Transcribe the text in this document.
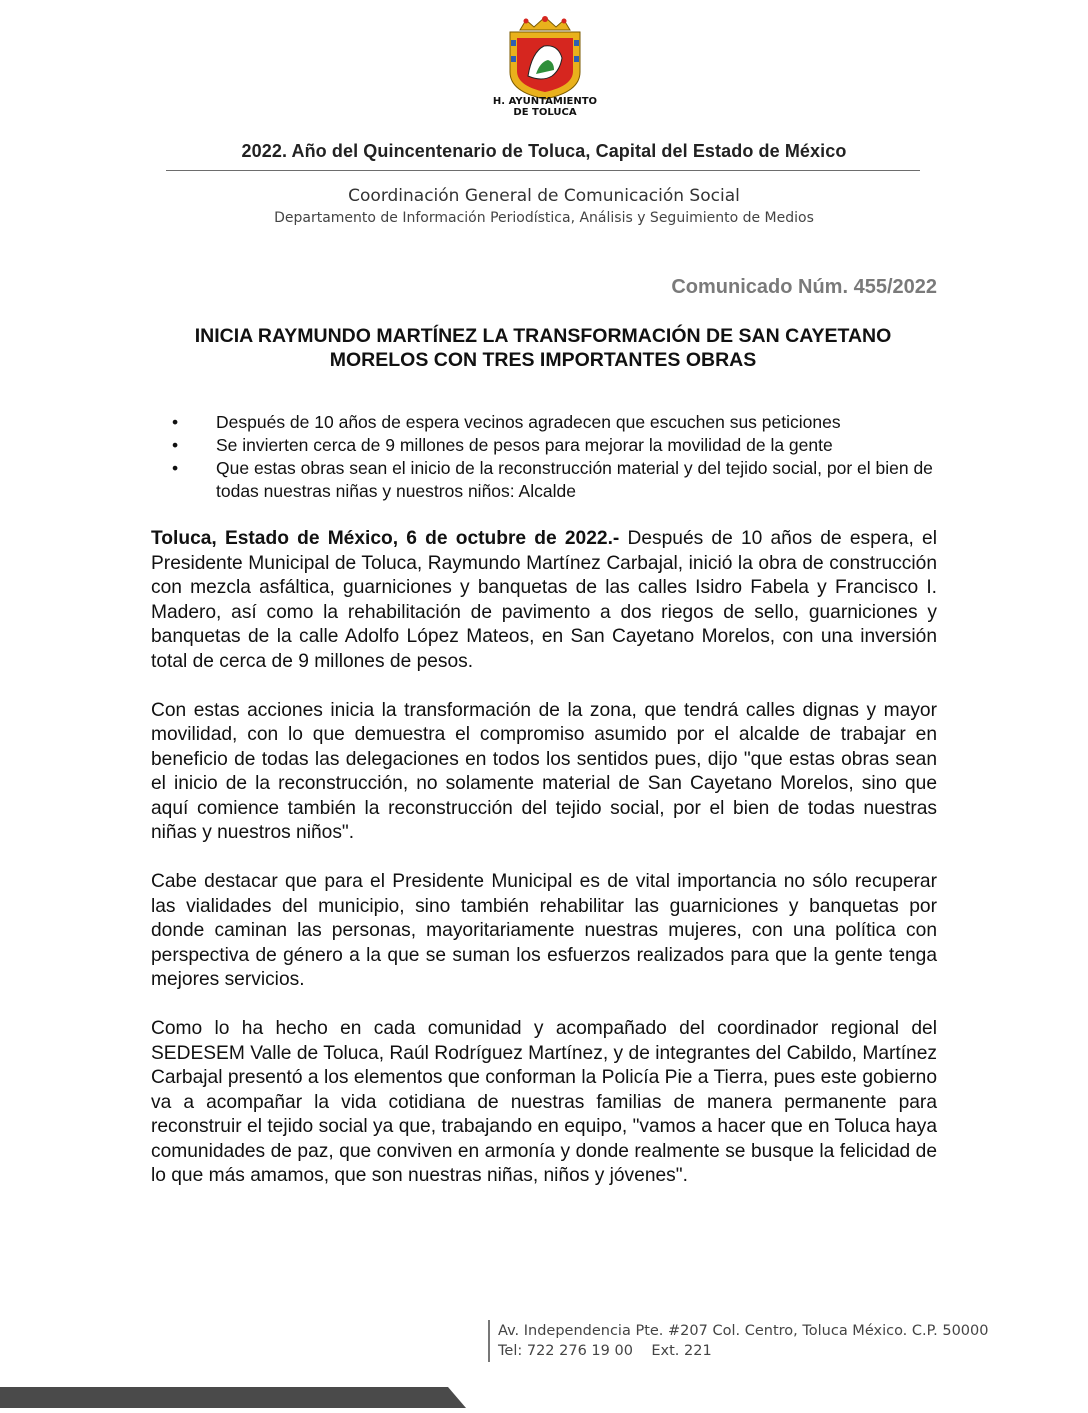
H. AYUNTAMIENTO
DE TOLUCA
2022. Año del Quincentenario de Toluca, Capital del Estado de México
Coordinación General de Comunicación Social
Departamento de Información Periodística, Análisis y Seguimiento de Medios
Comunicado Núm. 455/2022
INICIA RAYMUNDO MARTÍNEZ LA TRANSFORMACIÓN DE SAN CAYETANO
MORELOS CON TRES IMPORTANTES OBRAS
• Después de 10 años de espera vecinos agradecen que escuchen sus peticiones
• Se invierten cerca de 9 millones de pesos para mejorar la movilidad de la gente
• Que estas obras sean el inicio de la reconstrucción material y del tejido social, por el bien de todas nuestras niñas y nuestros niños: Alcalde

Toluca, Estado de México, 6 de octubre de 2022.- Después de 10 años de espera, el Presidente Municipal de Toluca, Raymundo Martínez Carbajal, inició la obra de construcción con mezcla asfáltica, guarniciones y banquetas de las calles Isidro Fabela y Francisco I. Madero, así como la rehabilitación de pavimento a dos riegos de sello, guarniciones y banquetas de la calle Adolfo López Mateos, en San Cayetano Morelos, con una inversión total de cerca de 9 millones de pesos.

Con estas acciones inicia la transformación de la zona, que tendrá calles dignas y mayor movilidad, con lo que demuestra el compromiso asumido por el alcalde de trabajar en beneficio de todas las delegaciones en todos los sentidos pues, dijo "que estas obras sean el inicio de la reconstrucción, no solamente material de San Cayetano Morelos, sino que aquí comience también la reconstrucción del tejido social, por el bien de todas nuestras niñas y nuestros niños".

Cabe destacar que para el Presidente Municipal es de vital importancia no sólo recuperar las vialidades del municipio, sino también rehabilitar las guarniciones y banquetas por donde caminan las personas, mayoritariamente nuestras mujeres, con una política con perspectiva de género a la que se suman los esfuerzos realizados para que la gente tenga mejores servicios.

Como lo ha hecho en cada comunidad y acompañado del coordinador regional del SEDESEM Valle de Toluca, Raúl Rodríguez Martínez, y de integrantes del Cabildo, Martínez Carbajal presentó a los elementos que conforman la Policía Pie a Tierra, pues este gobierno va a acompañar la vida cotidiana de nuestras familias de manera permanente para reconstruir el tejido social ya que, trabajando en equipo, "vamos a hacer que en Toluca haya comunidades de paz, que conviven en armonía y donde realmente se busque la felicidad de lo que más amamos, que son nuestras niñas, niños y jóvenes".

Av. Independencia Pte. #207 Col. Centro, Toluca México. C.P. 50000
Tel: 722 276 19 00    Ext. 221
